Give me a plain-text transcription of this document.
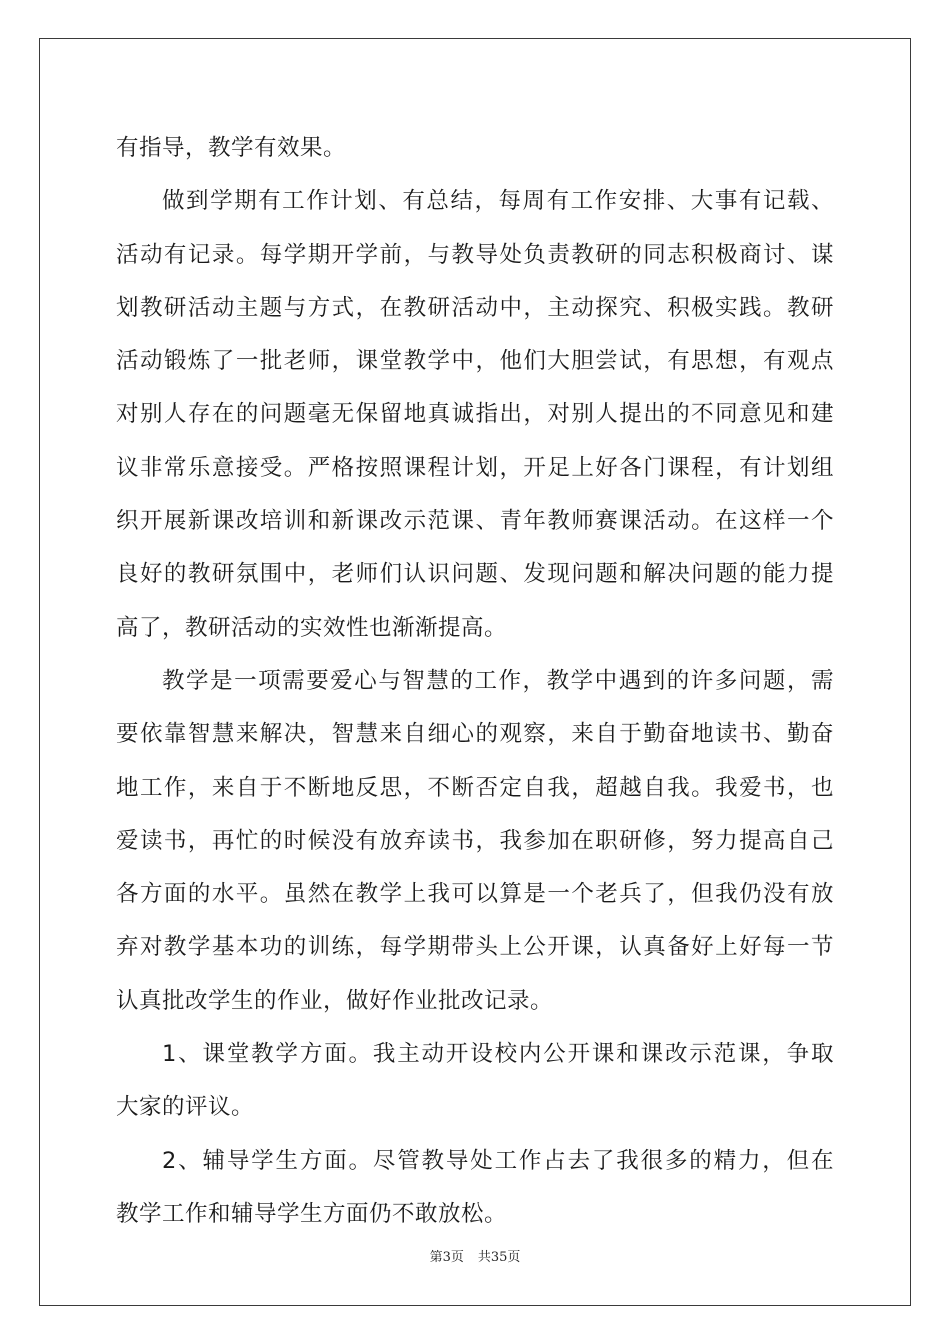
有指导，教学有效果。
做到学期有工作计划、有总结，每周有工作安排、大事有记载、
活动有记录。每学期开学前，与教导处负责教研的同志积极商讨、谋
划教研活动主题与方式，在教研活动中，主动探究、积极实践。教研
活动锻炼了一批老师，课堂教学中，他们大胆尝试，有思想，有观点
对别人存在的问题毫无保留地真诚指出，对别人提出的不同意见和建
议非常乐意接受。严格按照课程计划，开足上好各门课程，有计划组
织开展新课改培训和新课改示范课、青年教师赛课活动。在这样一个
良好的教研氛围中，老师们认识问题、发现问题和解决问题的能力提
高了，教研活动的实效性也渐渐提高。
教学是一项需要爱心与智慧的工作，教学中遇到的许多问题，需
要依靠智慧来解决，智慧来自细心的观察，来自于勤奋地读书、勤奋
地工作，来自于不断地反思，不断否定自我，超越自我。我爱书，也
爱读书，再忙的时候没有放弃读书，我参加在职研修，努力提高自己
各方面的水平。虽然在教学上我可以算是一个老兵了，但我仍没有放
弃对教学基本功的训练，每学期带头上公开课，认真备好上好每一节
认真批改学生的作业，做好作业批改记录。
1、课堂教学方面。我主动开设校内公开课和课改示范课，争取
大家的评议。
2、辅导学生方面。尽管教导处工作占去了我很多的精力，但在
教学工作和辅导学生方面仍不敢放松。
第3页 共35页
